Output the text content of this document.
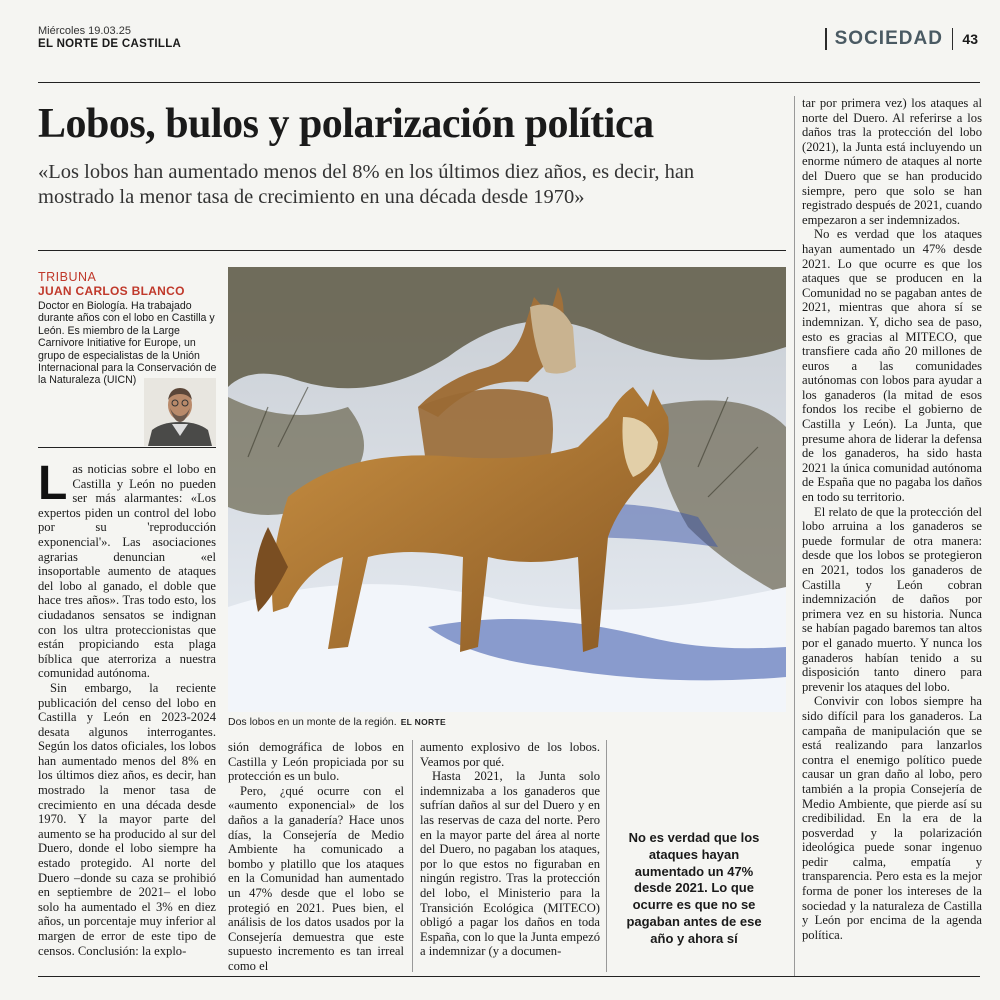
Miércoles 19.03.25
EL NORTE DE CASTILLA	SOCIEDAD 43
Lobos, bulos y polarización política
«Los lobos han aumentado menos del 8% en los últimos diez años, es decir, han mostrado la menor tasa de crecimiento en una década desde 1970»
TRIBUNA
JUAN CARLOS BLANCO
Doctor en Biología. Ha trabajado durante años con el lobo en Castilla y León. Es miembro de la Large Carnivore Initiative for Europe, un grupo de especialistas de la Unión Internacional para la Conservación de la Naturaleza (UICN)
L as noticias sobre el lobo en Castilla y León no pueden ser más alarmantes: «Los expertos piden un control del lobo por su 'reproducción exponencial'». Las asociaciones agrarias denuncian «el insoportable aumento de ataques del lobo al ganado, el doble que hace tres años». Tras todo esto, los ciudadanos sensatos se indignan con los ultra proteccionistas que están propiciando esta plaga bíblica que aterroriza a nuestra comunidad autónoma.

Sin embargo, la reciente publicación del censo del lobo en Castilla y León en 2023-2024 desata algunos interrogantes. Según los datos oficiales, los lobos han aumentado menos del 8% en los últimos diez años, es decir, han mostrado la menor tasa de crecimiento en una década desde 1970. Y la mayor parte del aumento se ha producido al sur del Duero, donde el lobo siempre ha estado protegido. Al norte del Duero –donde su caza se prohibió en septiembre de 2021– el lobo solo ha aumentado el 3% en diez años, un porcentaje muy inferior al margen de error de este tipo de censos. Conclusión: la explo-

Dos lobos en un monte de la región. EL NORTE

sión demográfica de lobos en Castilla y León propiciada por su protección es un bulo.

Pero, ¿qué ocurre con el «aumento exponencial» de los daños a la ganadería? Hace unos días, la Consejería de Medio Ambiente ha comunicado a bombo y platillo que los ataques en la Comunidad han aumentado un 47% desde que el lobo se protegió en 2021. Pues bien, el análisis de los datos usados por la Consejería demuestra que este supuesto incremento es tan irreal como el

aumento explosivo de los lobos. Veamos por qué.

Hasta 2021, la Junta solo indemnizaba a los ganaderos que sufrían daños al sur del Duero y en las reservas de caza del norte. Pero en la mayor parte del área al norte del Duero, no pagaban los ataques, por lo que estos no figuraban en ningún registro. Tras la protección del lobo, el Ministerio para la Transición Ecológica (MITECO) obligó a pagar los daños en toda España, con lo que la Junta empezó a indemnizar (y a documen-

No es verdad que los ataques hayan aumentado un 47% desde 2021. Lo que ocurre es que no se pagaban antes de ese año y ahora sí

tar por primera vez) los ataques al norte del Duero. Al referirse a los daños tras la protección del lobo (2021), la Junta está incluyendo un enorme número de ataques al norte del Duero que se han producido siempre, pero que solo se han registrado después de 2021, cuando empezaron a ser indemnizados.

No es verdad que los ataques hayan aumentado un 47% desde 2021. Lo que ocurre es que los ataques que se producen en la Comunidad no se pagaban antes de 2021, mientras que ahora sí se indemnizan. Y, dicho sea de paso, esto es gracias al MITECO, que transfiere cada año 20 millones de euros a las comunidades autónomas con lobos para ayudar a los ganaderos (la mitad de esos fondos los recibe el gobierno de Castilla y León). La Junta, que presume ahora de liderar la defensa de los ganaderos, ha sido hasta 2021 la única comunidad autónoma de España que no pagaba los daños en todo su territorio.

El relato de que la protección del lobo arruina a los ganaderos se puede formular de otra manera: desde que los lobos se protegieron en 2021, todos los ganaderos de Castilla y León cobran indemnización de daños por primera vez en su historia. Nunca se habían pagado baremos tan altos por el ganado muerto. Y nunca los ganaderos habían tenido a su disposición tanto dinero para prevenir los ataques del lobo.

Convivir con lobos siempre ha sido difícil para los ganaderos. La campaña de manipulación que se está realizando para lanzarlos contra el enemigo político puede causar un gran daño al lobo, pero también a la propia Consejería de Medio Ambiente, que pierde así su credibilidad. En la era de la posverdad y la polarización ideológica puede sonar ingenuo pedir calma, empatía y transparencia. Pero esta es la mejor forma de poner los intereses de la sociedad y la naturaleza de Castilla y León por encima de la agenda política.
